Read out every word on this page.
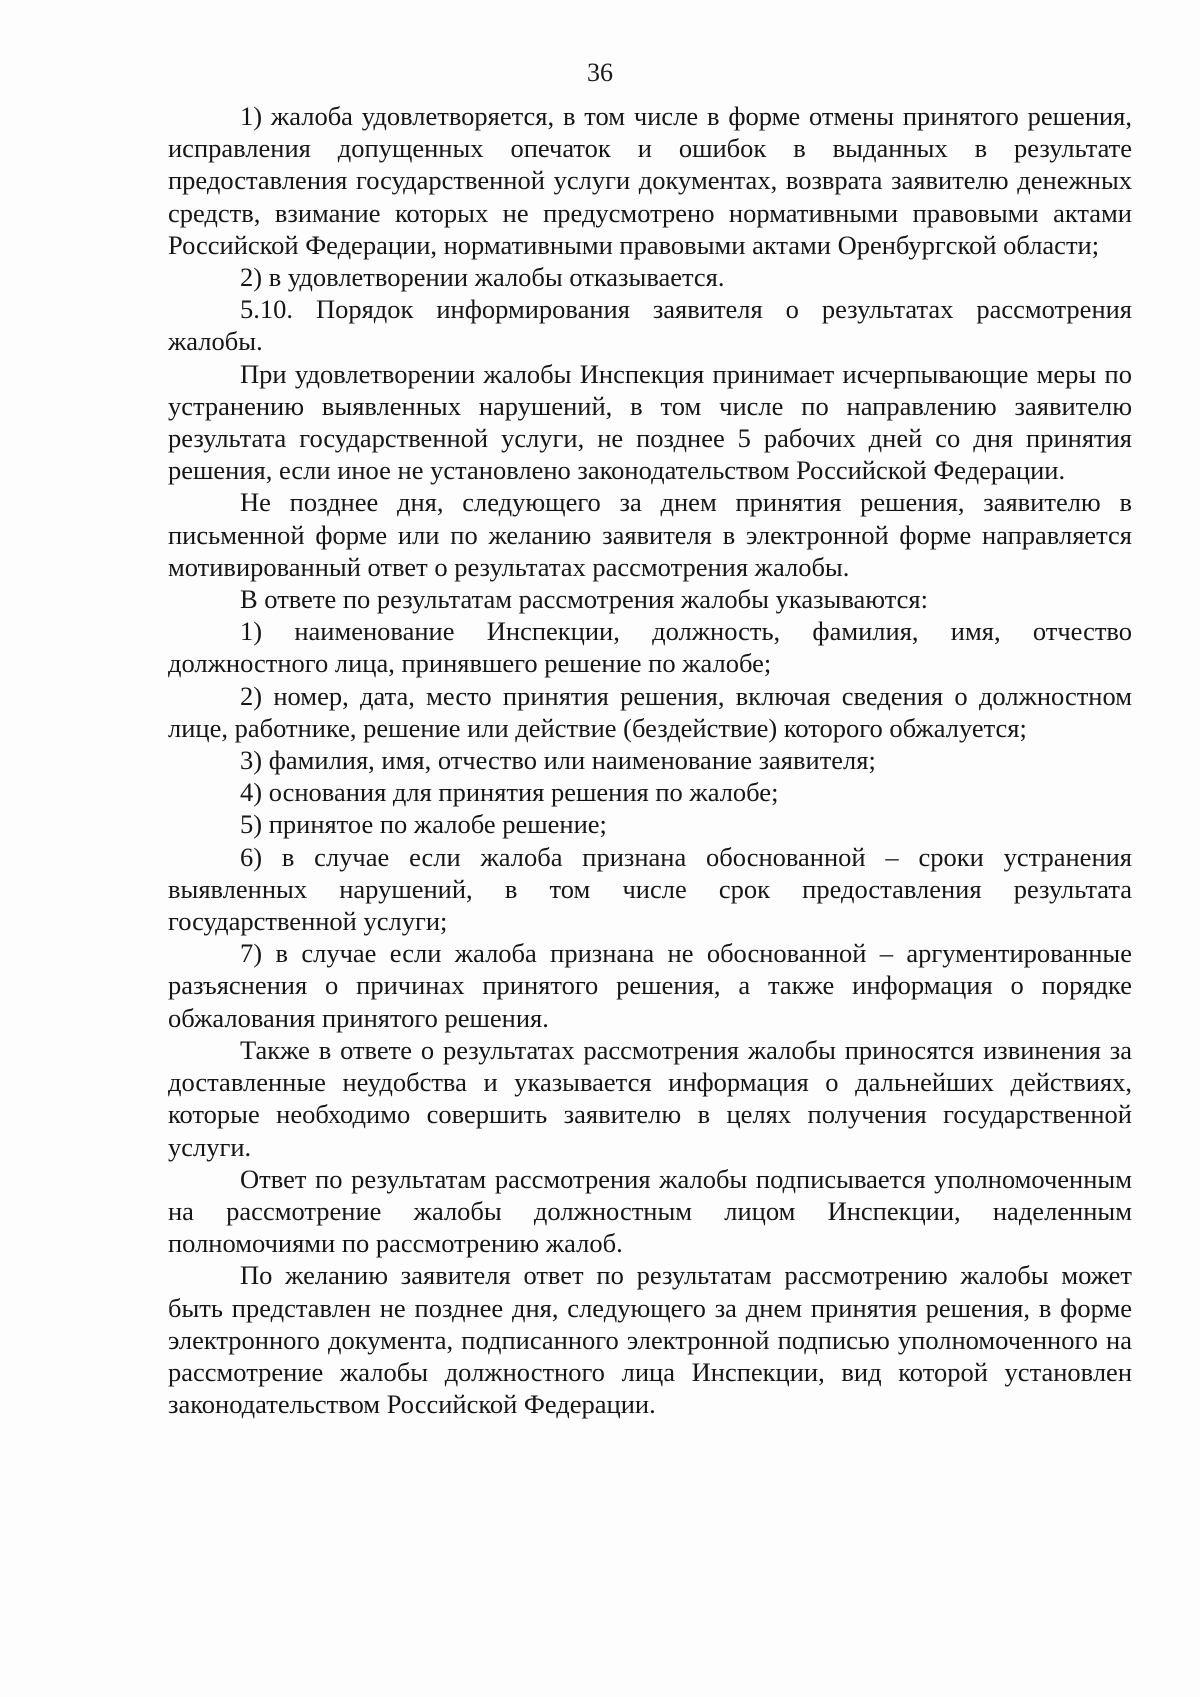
36

1) жалоба удовлетворяется, в том числе в форме отмены принятого решения, исправления допущенных опечаток и ошибок в выданных в результате предоставления государственной услуги документах, возврата заявителю денежных средств, взимание которых не предусмотрено нормативными правовыми актами Российской Федерации, нормативными правовыми актами Оренбургской области;

2) в удовлетворении жалобы отказывается.

5.10. Порядок информирования заявителя о результатах рассмотрения жалобы.

При удовлетворении жалобы Инспекция принимает исчерпывающие меры по устранению выявленных нарушений, в том числе по направлению заявителю результата государственной услуги, не позднее 5 рабочих дней со дня принятия решения, если иное не установлено законодательством Российской Федерации.

Не позднее дня, следующего за днем принятия решения, заявителю в письменной форме или по желанию заявителя в электронной форме направляется мотивированный ответ о результатах рассмотрения жалобы.

В ответе по результатам рассмотрения жалобы указываются:

1) наименование Инспекции, должность, фамилия, имя, отчество должностного лица, принявшего решение по жалобе;

2) номер, дата, место принятия решения, включая сведения о должностном лице, работнике, решение или действие (бездействие) которого обжалуется;

3) фамилия, имя, отчество или наименование заявителя;

4) основания для принятия решения по жалобе;

5) принятое по жалобе решение;

6) в случае если жалоба признана обоснованной – сроки устранения выявленных нарушений, в том числе срок предоставления результата государственной услуги;

7) в случае если жалоба признана не обоснованной – аргументированные разъяснения о причинах принятого решения, а также информация о порядке обжалования принятого решения.

Также в ответе о результатах рассмотрения жалобы приносятся извинения за доставленные неудобства и указывается информация о дальнейших действиях, которые необходимо совершить заявителю в целях получения государственной услуги.

Ответ по результатам рассмотрения жалобы подписывается уполномоченным на рассмотрение жалобы должностным лицом Инспекции, наделенным полномочиями по рассмотрению жалоб.

По желанию заявителя ответ по результатам рассмотрению жалобы может быть представлен не позднее дня, следующего за днем принятия решения, в форме электронного документа, подписанного электронной подписью уполномоченного на рассмотрение жалобы должностного лица Инспекции, вид которой установлен законодательством Российской Федерации.
